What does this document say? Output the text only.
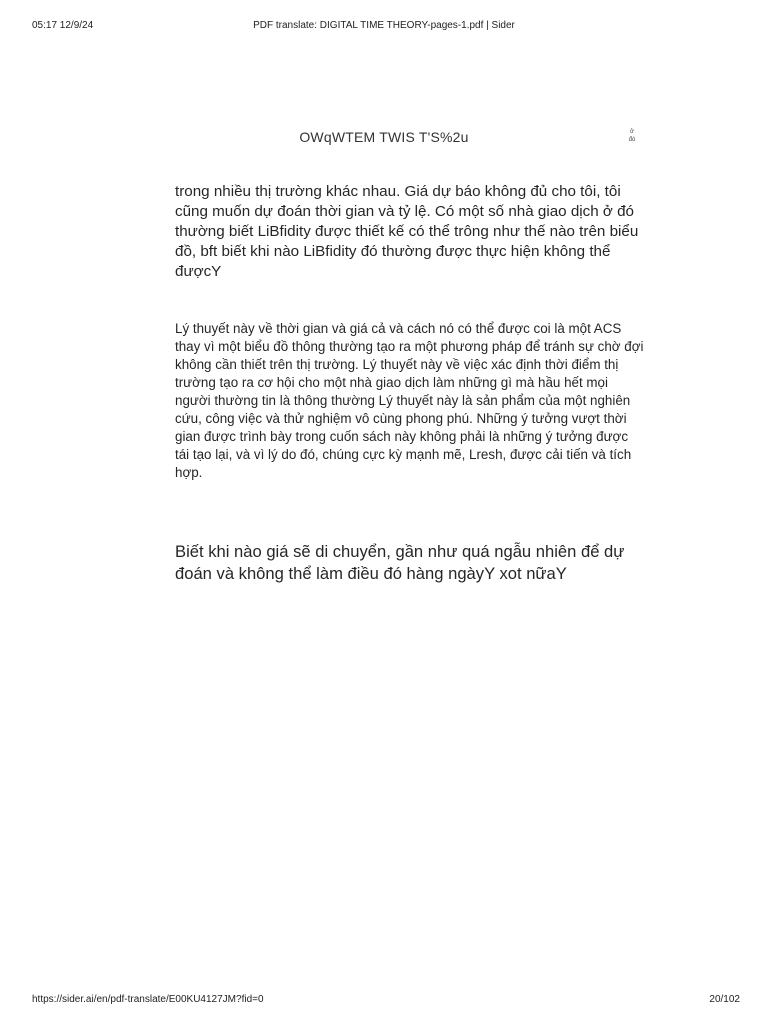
05:17 12/9/24	PDF translate: DIGITAL TIME THEORY-pages-1.pdf | Sider
OWqWTEM TWIS T'S%2u	ở
đó

trong nhiều thị trường khác nhau. Giá dự báo không đủ cho tôi, tôi cũng muốn dự đoán thời gian và tỷ lệ. Có một số nhà giao dịch ở đó thường biết LiBfidity được thiết kế có thể trông như thế nào trên biểu đồ, bft biết khi nào LiBfidity đó thường được thực hiện không thể đượcY

Lý thuyết này về thời gian và giá cả và cách nó có thể được coi là một ACS thay vì một biểu đồ thông thường tạo ra một phương pháp để tránh sự chờ đợi không cần thiết trên thị trường. Lý thuyết này về việc xác định thời điểm thị trường tạo ra cơ hội cho một nhà giao dịch làm những gì mà hầu hết mọi người thường tin là thông thường Lý thuyết này là sản phẩm của một nghiên cứu, công việc và thử nghiệm vô cùng phong phú. Những ý tưởng vượt thời gian được trình bày trong cuốn sách này không phải là những ý tưởng được tái tạo lại, và vì lý do đó, chúng cực kỳ mạnh mẽ, Lresh, được cải tiến và tích hợp.

Biết khi nào giá sẽ di chuyển, gần như quá ngẫu nhiên để dự đoán và không thể làm điều đó hàng ngàyY xot nữaY

https://sider.ai/en/pdf-translate/E00KU4127JM?fid=0	20/102
